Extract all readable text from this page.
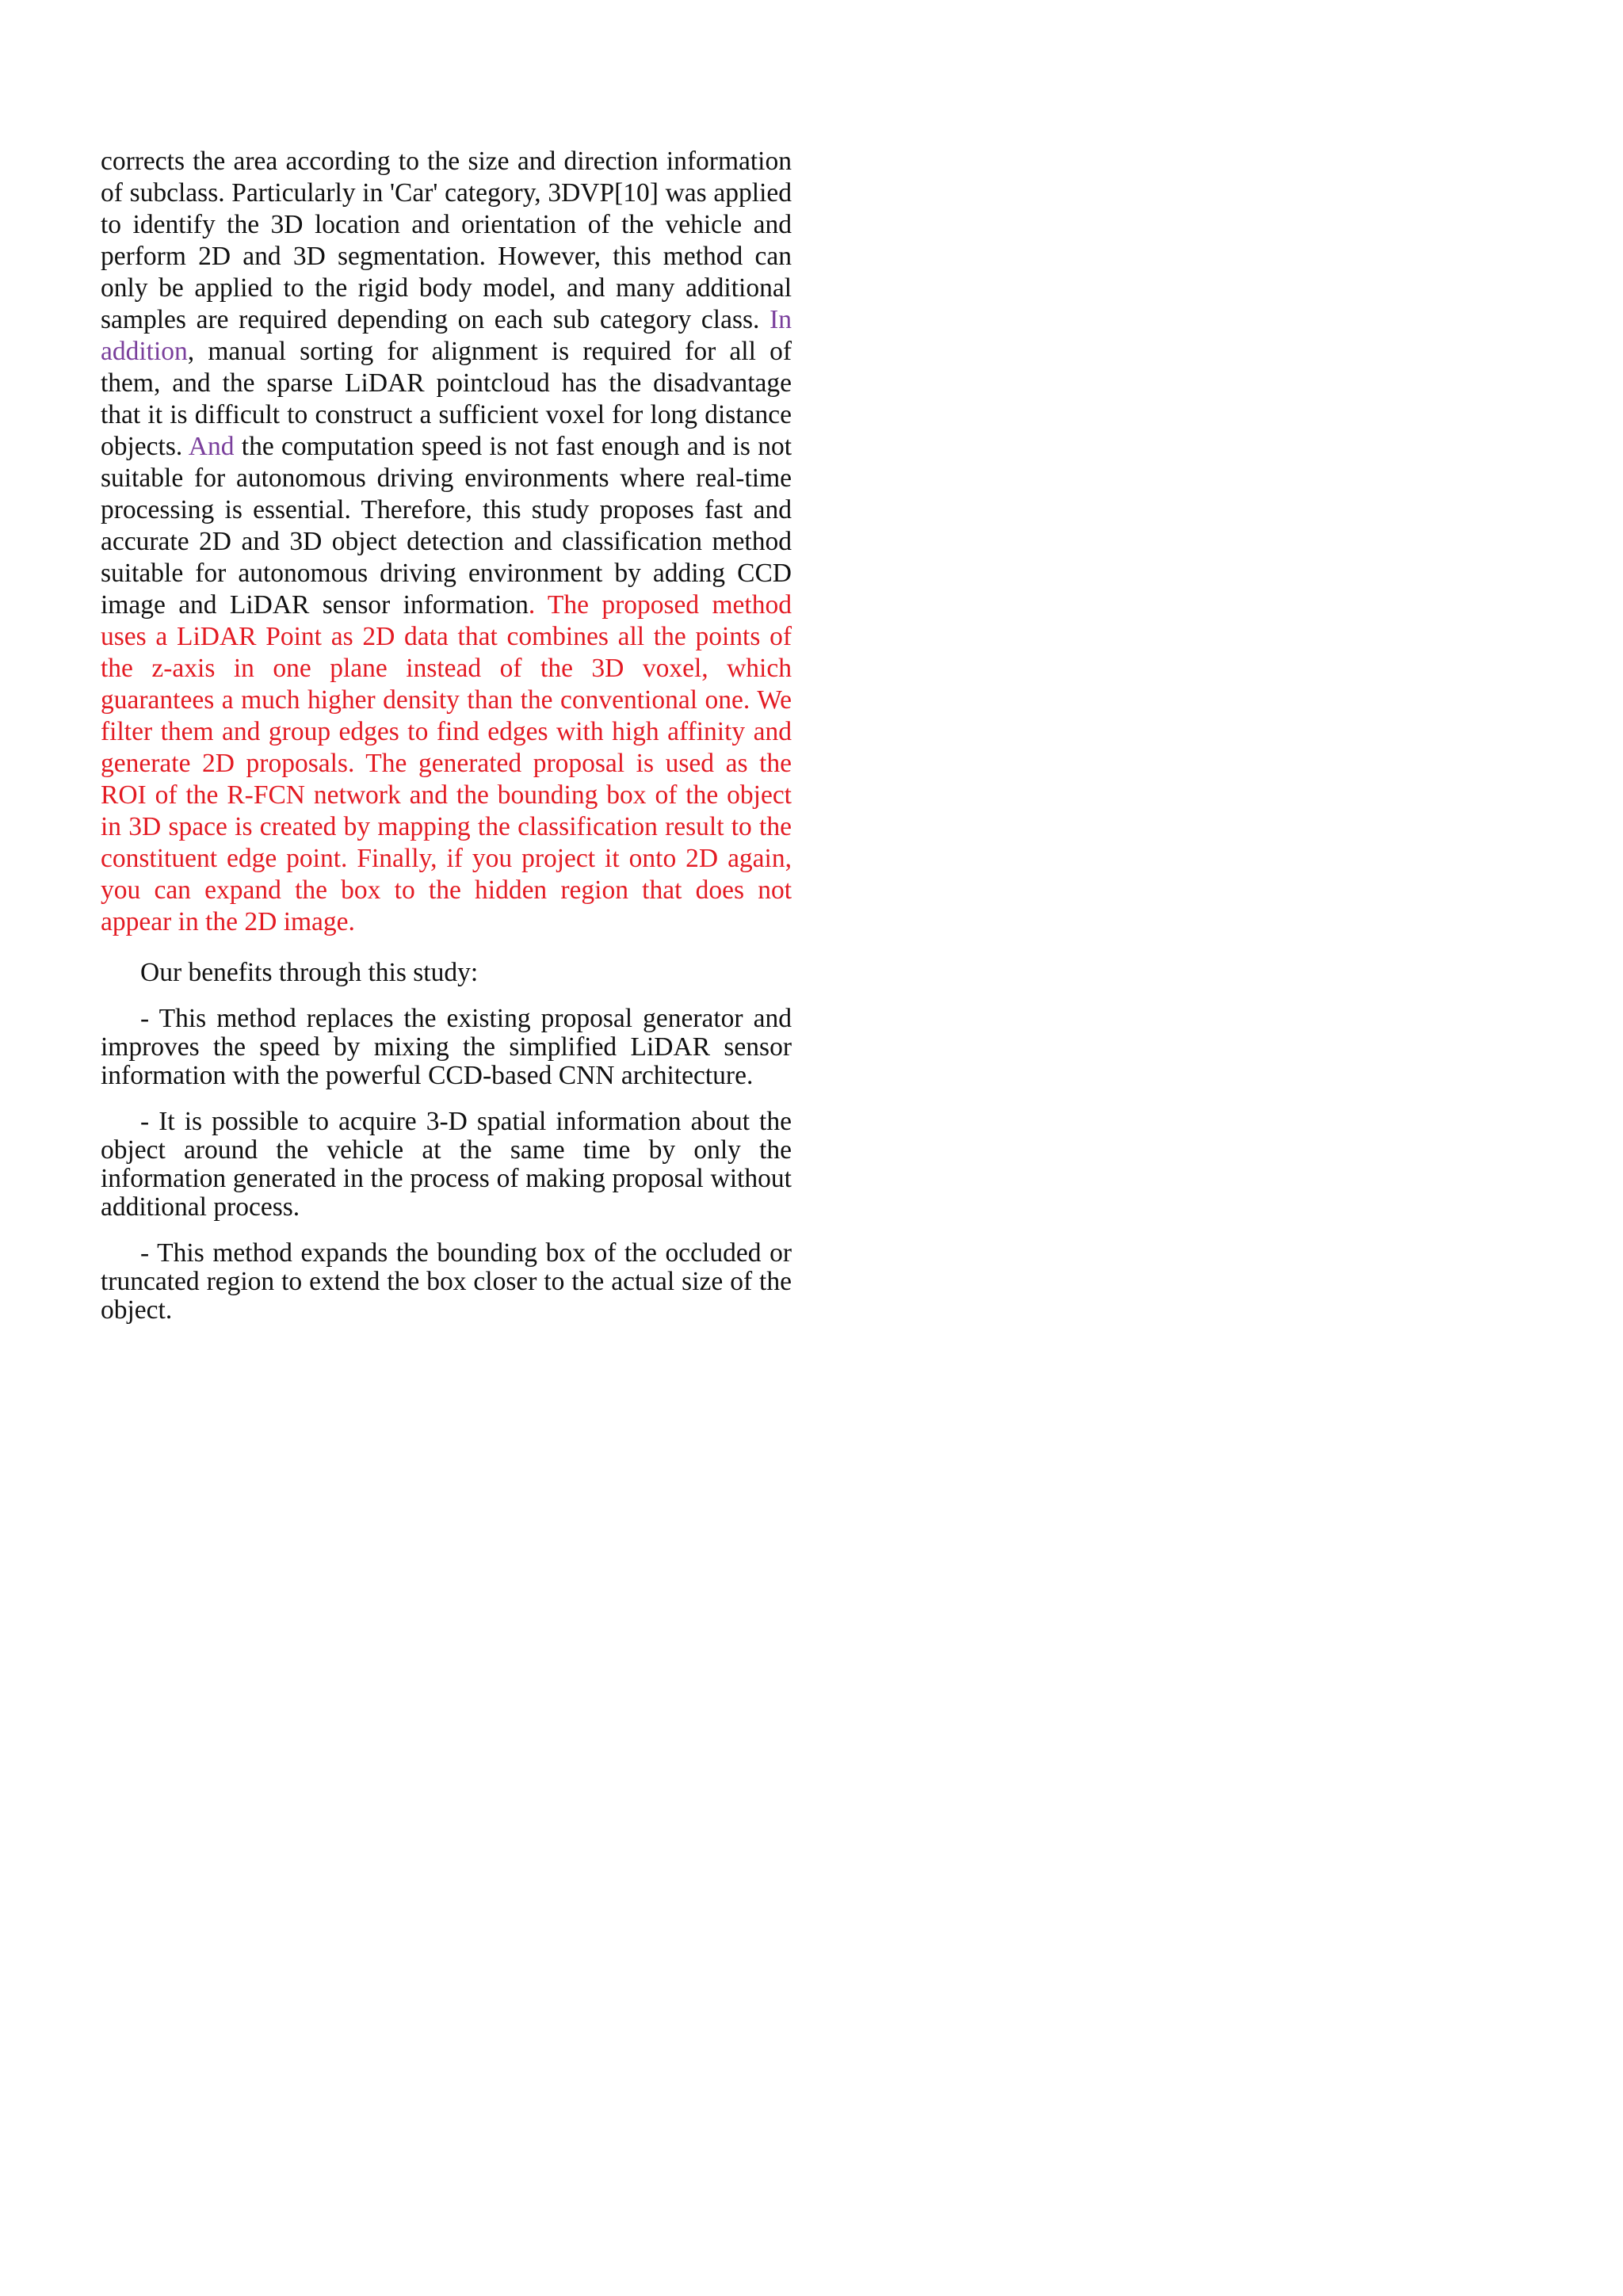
corrects the area according to the size and direction information of subclass. Particularly in 'Car' category, 3DVP[10] was applied to identify the 3D location and orientation of the vehicle and perform 2D and 3D segmentation. However, this method can only be applied to the rigid body model, and many additional samples are required depending on each sub category class. In addition, manual sorting for alignment is required for all of them, and the sparse LiDAR pointcloud has the disadvantage that it is difficult to construct a sufficient voxel for long distance objects. And the computation speed is not fast enough and is not suitable for autonomous driving environments where real-time processing is essential. Therefore, this study proposes fast and accurate 2D and 3D object detection and classification method suitable for autonomous driving environment by adding CCD image and LiDAR sensor information. The proposed method uses a LiDAR Point as 2D data that combines all the points of the z-axis in one plane instead of the 3D voxel, which guarantees a much higher density than the conventional one. We filter them and group edges to find edges with high affinity and generate 2D proposals. The generated proposal is used as the ROI of the R-FCN network and the bounding box of the object in 3D space is created by mapping the classification result to the constituent edge point. Finally, if you project it onto 2D again, you can expand the box to the hidden region that does not appear in the 2D image.

Our benefits through this study:

- This method replaces the existing proposal generator and improves the speed by mixing the simplified LiDAR sensor information with the powerful CCD-based CNN architecture.

- It is possible to acquire 3-D spatial information about the object around the vehicle at the same time by only the information generated in the process of making proposal without additional process.

- This method expands the bounding box of the occluded or truncated region to extend the box closer to the actual size of the object.
